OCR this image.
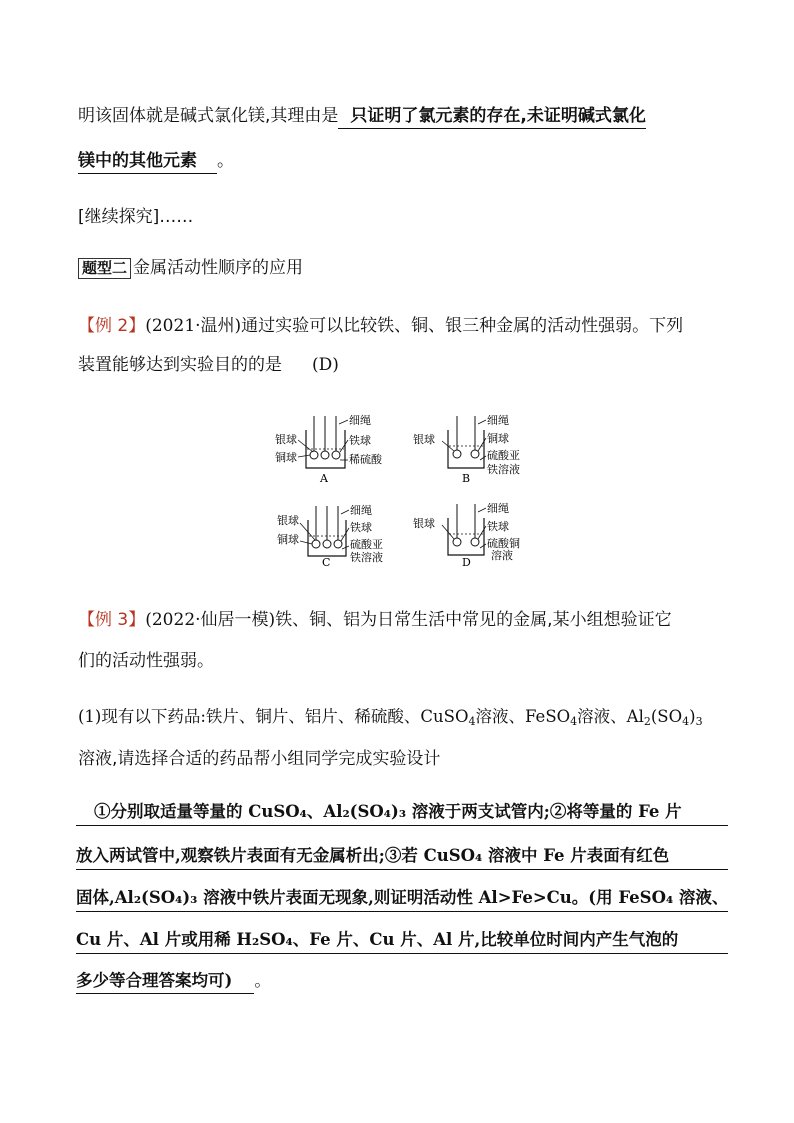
明该固体就是碱式氯化镁,其理由是 只证明了氯元素的存在,未证明碱式氯化
镁中的其他元素 。
[继续探究]……
题型二 金属活动性顺序的应用
【例 2】(2021·温州)通过实验可以比较铁、铜、银三种金属的活动性强弱。下列
装置能够达到实验目的的是 (D)
银球
铜球
细绳
铁球
稀硫酸
A
银球
细绳
铜球
硫酸亚
铁溶液
B
银球
铜球
细绳
铁球
硫酸亚
铁溶液
C
银球
细绳
铁球
硫酸铜
溶液
D
【例 3】(2022·仙居一模)铁、铜、铝为日常生活中常见的金属,某小组想验证它
们的活动性强弱。
(1)现有以下药品:铁片、铜片、铝片、稀硫酸、CuSO$_4$溶液、FeSO$_4$溶液、$Al_2(SO_4)_3$
溶液,请选择合适的药品帮小组同学完成实验设计
①分别取适量等量的 CuSO₄、Al₂(SO₄)₃ 溶液于两支试管内;②将等量的 Fe 片
放入两试管中,观察铁片表面有无金属析出;③若 CuSO₄ 溶液中 Fe 片表面有红色
固体,Al₂(SO₄)₃ 溶液中铁片表面无现象,则证明活动性 Al>Fe>Cu。(用 FeSO₄ 溶液、
Cu 片、Al 片或用稀 H₂SO₄、Fe 片、Cu 片、Al 片,比较单位时间内产生气泡的
多少等合理答案均可) 。
